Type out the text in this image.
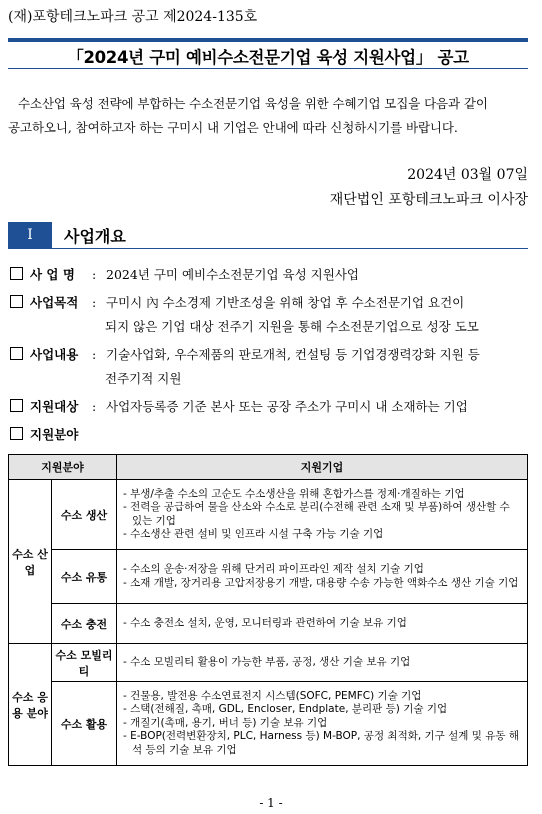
(재)포항테크노파크 공고 제2024-135호
「2024년 구미 예비수소전문기업 육성 지원사업」 공고
수소산업 육성 전략에 부합하는 수소전문기업 육성을 위한 수혜기업 모집을 다음과 같이
공고하오니, 참여하고자 하는 구미시 내 기업은 안내에 따라 신청하시기를 바랍니다.
2024년 03월 07일
재단법인 포항테크노파크 이사장
Ⅰ	사업개요
사 업 명 : 2024년 구미 예비수소전문기업 육성 지원사업
사업목적 : 구미시 內 수소경제 기반조성을 위해 창업 후 수소전문기업 요건이
되지 않은 기업 대상 전주기 지원을 통해 수소전문기업으로 성장 도모
사업내용 : 기술사업화, 우수제품의 판로개척, 컨설팅 등 기업경쟁력강화 지원 등
전주기적 지원
지원대상 : 사업자등록증 기준 본사 또는 공장 주소가 구미시 내 소재하는 기업
지원분야
지원분야		지원기업
수소 산업	수소 생산	- 부생/추출 수소의 고순도 수소생산을 위해 혼합가스를 정제·개질하는 기업
- 전력을 공급하여 물을 산소와 수소로 분리(수전해 관련 소재 및 부품)하여 생산할 수 있는 기업
- 수소생산 관련 설비 및 인프라 시설 구축 가능 기술 기업

	수소 유통	- 수소의 운송·저장을 위해 단거리 파이프라인 제작 설치 기술 기업
- 소재 개발, 장거리용 고압저장용기 개발, 대용량 수송 가능한 액화수소 생산 기술 기업

	수소 충전	- 수소 충전소 설치, 운영, 모니터링과 관련하여 기술 보유 기업

수소 응용 분야	수소 모빌리티	- 수소 모빌리티 활용이 가능한 부품, 공정, 생산 기술 보유 기업

	수소 활용	- 건물용, 발전용 수소연료전지 시스템(SOFC, PEMFC) 기술 기업
- 스택(전해질, 촉매, GDL, Encloser, Endplate, 분리판 등) 기술 기업
- 개질기(촉매, 용기, 버너 등) 기술 보유 기업
- E-BOP(전력변환장치, PLC, Harness 등) M-BOP, 공정 최적화, 기구 설계 및 유동 해석 등의 기술 보유 기업
- 1 -
